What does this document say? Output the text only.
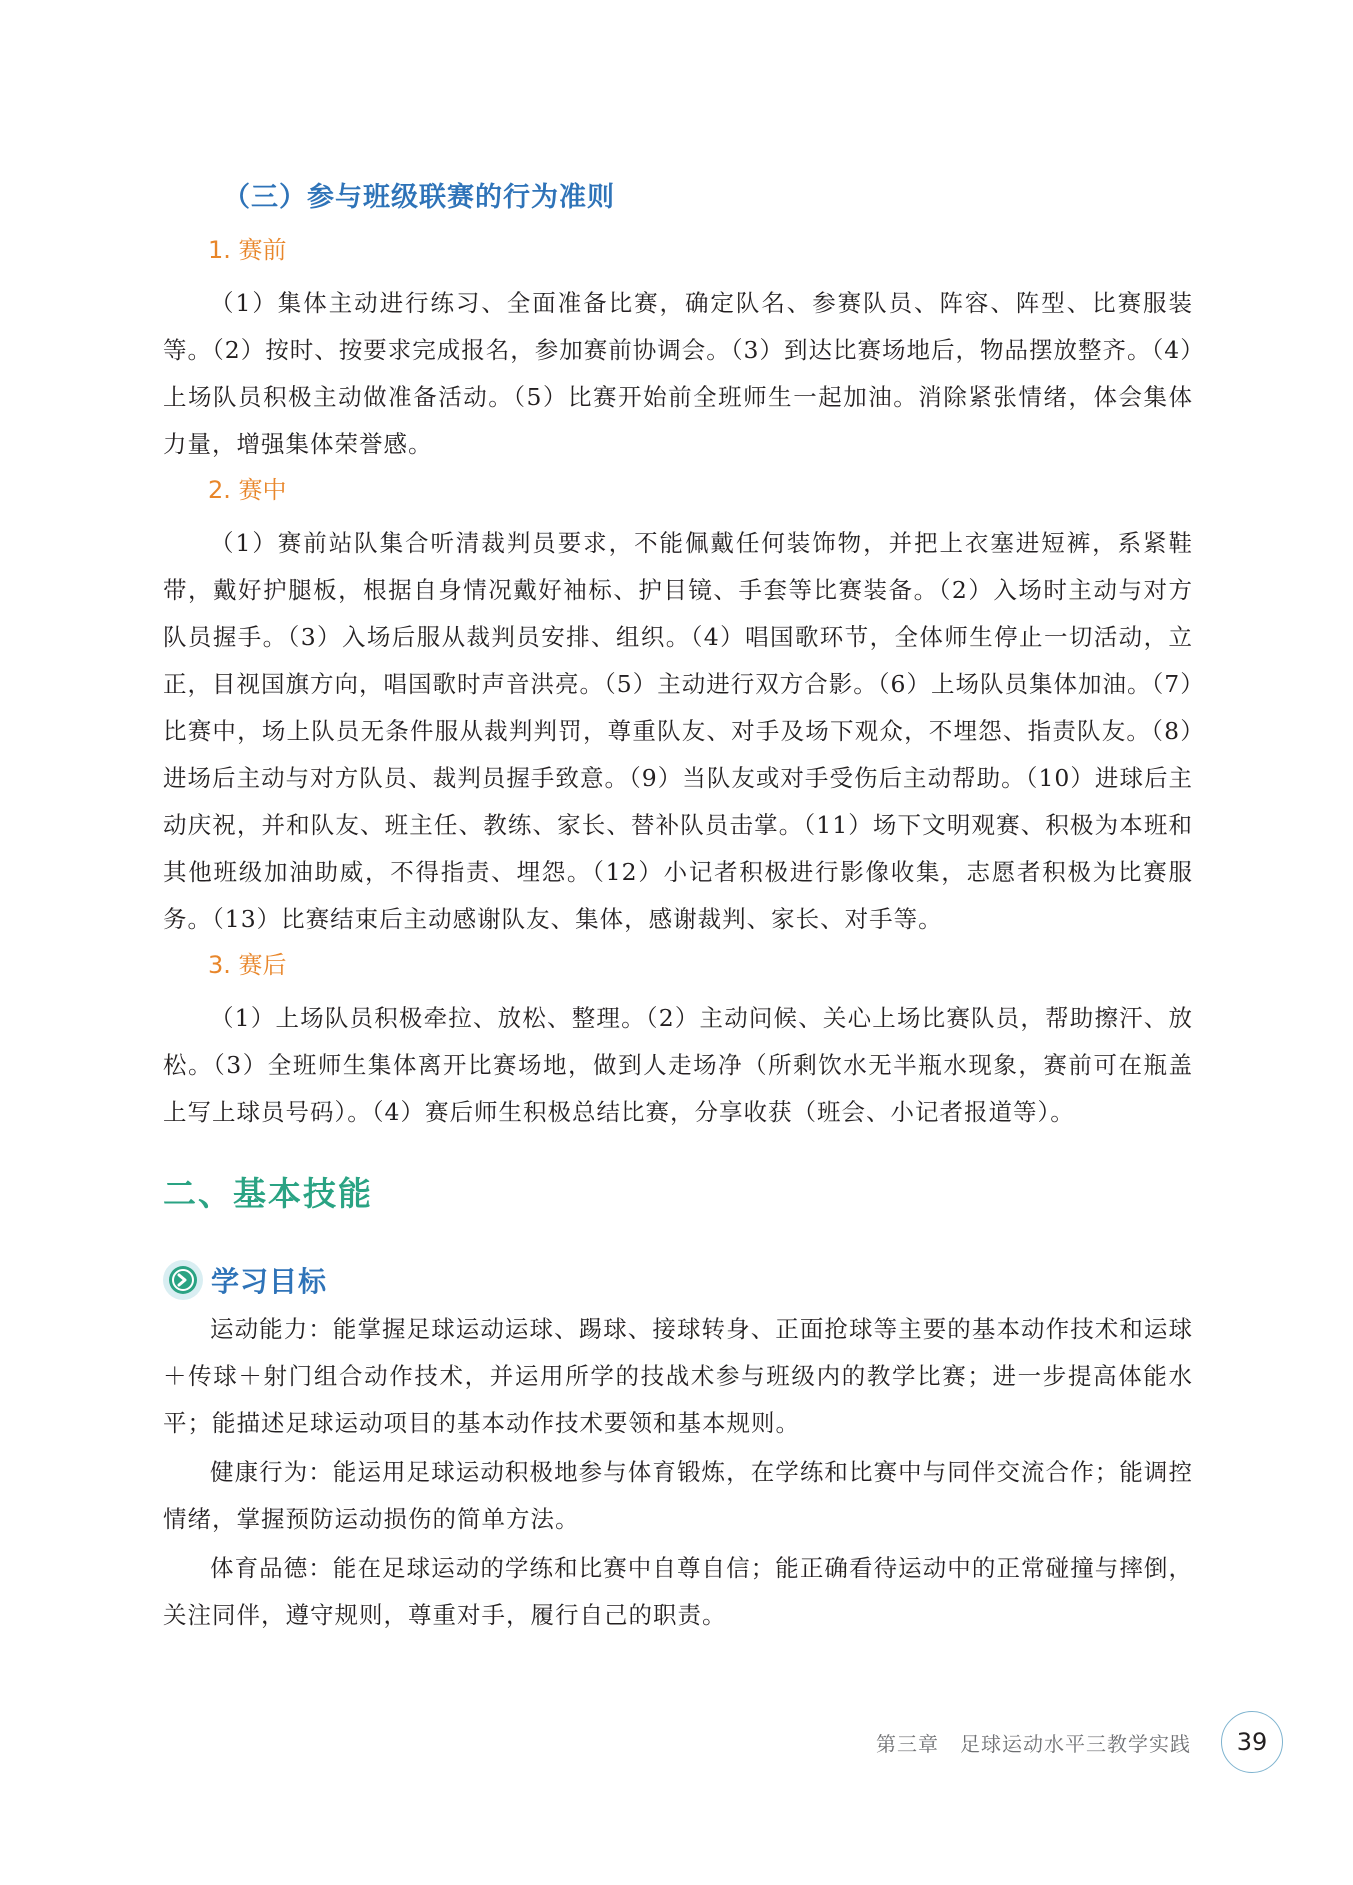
（三）参与班级联赛的行为准则
1. 赛前

（1）集体主动进行练习、全面准备比赛，确定队名、参赛队员、阵容、阵型、比赛服装等。（2）按时、按要求完成报名，参加赛前协调会。（3）到达比赛场地后，物品摆放整齐。（4）上场队员积极主动做准备活动。（5）比赛开始前全班师生一起加油。消除紧张情绪，体会集体力量，增强集体荣誉感。

2. 赛中

（1）赛前站队集合听清裁判员要求，不能佩戴任何装饰物，并把上衣塞进短裤，系紧鞋带，戴好护腿板，根据自身情况戴好袖标、护目镜、手套等比赛装备。（2）入场时主动与对方队员握手。（3）入场后服从裁判员安排、组织。（4）唱国歌环节，全体师生停止一切活动，立正，目视国旗方向，唱国歌时声音洪亮。（5）主动进行双方合影。（6）上场队员集体加油。（7）比赛中，场上队员无条件服从裁判判罚，尊重队友、对手及场下观众，不埋怨、指责队友。（8）进场后主动与对方队员、裁判员握手致意。（9）当队友或对手受伤后主动帮助。（10）进球后主动庆祝，并和队友、班主任、教练、家长、替补队员击掌。（11）场下文明观赛、积极为本班和其他班级加油助威，不得指责、埋怨。（12）小记者积极进行影像收集，志愿者积极为比赛服务。（13）比赛结束后主动感谢队友、集体，感谢裁判、家长、对手等。

3. 赛后

（1）上场队员积极牵拉、放松、整理。（2）主动问候、关心上场比赛队员，帮助擦汗、放松。（3）全班师生集体离开比赛场地，做到人走场净（所剩饮水无半瓶水现象，赛前可在瓶盖上写上球员号码）。（4）赛后师生积极总结比赛，分享收获（班会、小记者报道等）。

二、基本技能
学习目标

运动能力：能掌握足球运动运球、踢球、接球转身、正面抢球等主要的基本动作技术和运球＋传球＋射门组合动作技术，并运用所学的技战术参与班级内的教学比赛；进一步提高体能水平；能描述足球运动项目的基本动作技术要领和基本规则。

健康行为：能运用足球运动积极地参与体育锻炼，在学练和比赛中与同伴交流合作；能调控情绪，掌握预防运动损伤的简单方法。

体育品德：能在足球运动的学练和比赛中自尊自信；能正确看待运动中的正常碰撞与摔倒，关注同伴，遵守规则，尊重对手，履行自己的职责。

第三章　足球运动水平三教学实践	39
